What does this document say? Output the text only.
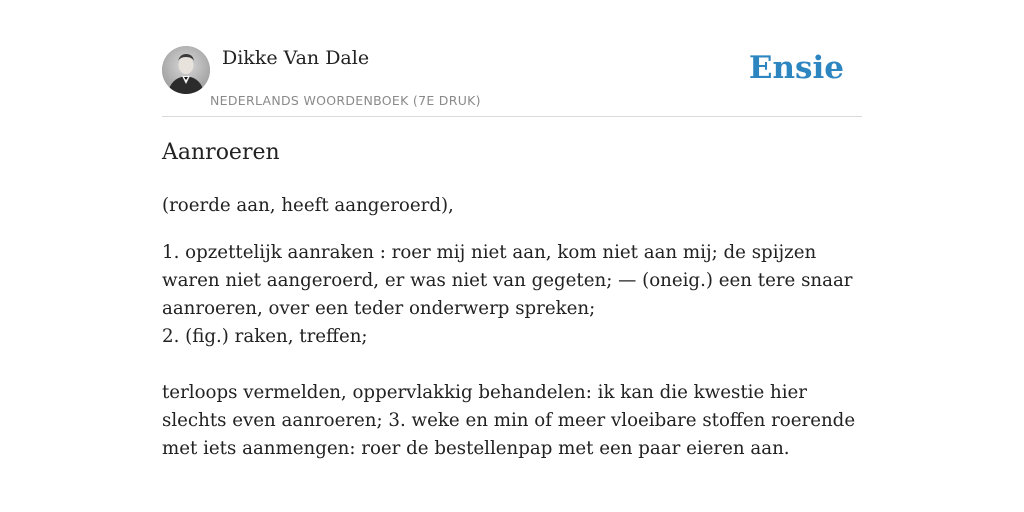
Dikke Van Dale
NEDERLANDS WOORDENBOEK (7E DRUK)
Ensie
Aanroeren

(roerde aan, heeft aangeroerd),

1. opzettelijk aanraken : roer mij niet aan, kom niet aan mij; de spijzen waren niet aangeroerd, er was niet van gegeten; — (oneig.) een tere snaar aanroeren, over een teder onderwerp spreken;
2. (fig.) raken, treffen;

terloops vermelden, oppervlakkig behandelen: ik kan die kwestie hier slechts even aanroeren; 3. weke en min of meer vloeibare stoffen roerende met iets aanmengen: roer de bestellenpap met een paar eieren aan.
